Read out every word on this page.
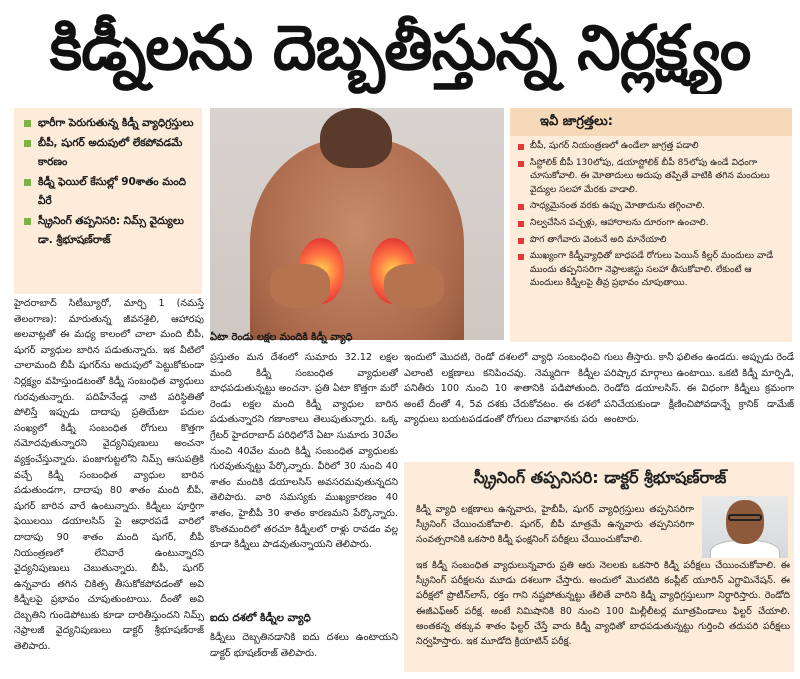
కిడ్నీలను దెబ్బతీస్తున్న నిర్లక్ష్యం
భారీగా పెరుగుతున్న కిడ్నీ వ్యాధిగ్రస్తులు
బీపీ, షుగర్ అదుపులో లేకపోవడమే కారణం
కిడ్నీ ఫెయిల్ కేసుల్లో 90శాతం మంది వీరే
స్క్రీనింగ్ తప్పనిసరి: నిమ్స్ వైద్యులు డా. శ్రీభూషణ్‌రాజ్
ఇవీ జాగ్రత్తలు:
బీపీ, షుగర్ నియంత్రణలో ఉండేలా జాగ్రత్త పడాలి
సిస్టోలిక్ బీపీ 130లోపు, డయాస్టోలిక్ బీపీ 85లోపు ఉండే విధంగా చూసుకోవాలి. ఈ మోతాదులు అదుపు తప్పితే వాటికి తగిన మందులు వైద్యుల సలహా మేరకు వాడాలి.
సాధ్యమైనంత వరకు ఉప్పు మోతాదును తగ్గించాలి.
నిల్వచేసిన పచ్చళ్లు, ఆహారాలను దూరంగా ఉంచాలి.
పొగ తాగేవారు వెంటనే అది మానేయాలి
ముఖ్యంగా కిడ్నీవ్యాధితో బాధపడే రోగులు పెయిన్ కిల్లర్ మందులు వాడే ముందు తప్పనిసరిగా నెఫ్రాలజిస్టు సలహా తీసుకోవాలి. లేకుంటే ఆ మందులు కిడ్నీలపై తీవ్ర ప్రభావం చూపుతాయి.
హైదరాబాద్ సిటీబ్యూరో, మార్చి 1 (నమస్తే తెలంగాణ): మారుతున్న జీవనశైలి, ఆహారపు అలవాట్లతో ఈ మధ్య కాలంలో చాలా మంది బీపీ, షుగర్ వ్యాధుల బారిన పడుతున్నారు. ఇక వీటిలో చాలామంది బీపీ షుగర్‌ను అదుపులో పెట్టుకోకుండా నిర్లక్ష్యం వహిస్తుండటంతో కిడ్నీ సంబంధిత వ్యాధులు గురవుతున్నారు. పదిహేనేండ్ల నాటి పరిస్థితితో పోలిస్తే ఇప్పుడు దాదాపు ప్రతియేటా పదుల సంఖ్యలో కిడ్నీ సంబంధిత రోగులు కొత్తగా నమోదవుతున్నారని వైద్యనిపుణులు అంచనా వ్యక్తంచేస్తున్నారు. పంజాగుట్టలోని నిమ్స్ ఆసుపత్రికి వచ్చే కిడ్నీ సంబంధిత వ్యాధుల బారిన పడుతుండగా, దాదాపు 80 శాతం మంది బీపీ, షుగర్ బారిన వారే ఉంటున్నారు. కిడ్నీలు పూర్తిగా ఫెయిలయి డయాలసిస్ పై ఆధారపడే వారిలో దాదాపు 90 శాతం మంది షుగర్, బీపీ నియంత్రణలో లేనివారే ఉంటున్నారని వైద్యనిపుణులు చెబుతున్నారు. బీపీ, షుగర్ ఉన్నవారు తగిన చికిత్స తీసుకోకపోవడంతో అవి కిడ్నీలపై ప్రభావం చూపుతుంటాయి. దీంతో అవి దెబ్బతిని గుండెపోటుకు కూడా దారితీస్తుందని నిమ్స్ నెఫ్రాలజీ వైద్యనిపుణులు డాక్టర్ శ్రీభూషణ్‌రాజ్ తెలిపారు.
ఏటా రెండు లక్షల మందికి కిడ్నీ వ్యాధి
ప్రస్తుతం మన దేశంలో సుమారు 32.12 లక్షల మంది కిడ్నీ సంబంధిత వ్యాధులతో బాధపడుతున్నట్టు అంచనా. ప్రతి ఏటా కొత్తగా మరో రెండు లక్షల మంది కిడ్నీ వ్యాధుల బారిన పడుతున్నారని గణాంకాలు తెలుపుతున్నారు. ఒక్క గ్రేటర్ హైదరాబాద్ పరిధిలోనే ఏటా సుమారు 30వేల నుంచి 40వేల మంది కిడ్నీ సంబంధిత వ్యాధులకు గురవుతున్నట్టు పేర్కొన్నారు. వీరిలో 30 నుంచి 40 శాతం మందికి డయాలసిస్ అవసరమవుతున్నదని తెలిపారు. వారి సమస్యకు ముఖ్యకారణం 40 శాతం, హైబీపీ 30 శాతం కారణమని పేర్కొన్నారు. కొంతమందిలో తరచూ కిడ్నీలలో రాళ్లు రావడం వల్ల కూడా కిడ్నీలు పాడవుతున్నాయని తెలిపారు.
ఐదు దశలో కిడ్నీల వ్యాధి
కిడ్నీలు దెబ్బతినడానికి ఐదు దశలు ఉంటాయని డాక్టర్ భూషణ్‌రాజ్ తెలిపారు.
ఇందులో మొదటి, రెండో దశలలో వ్యాధి సంబంధించి ఎలాంటి లక్షణాలు కనిపించవు. నెమ్మదిగా కిడ్నీల పనితీరు 100 నుంచి 10 శాతానికి పడిపోతుంది. అంటే దీంతో 4, 5వ దశకు చేరుకోవటం. ఈ దశలో వ్యాధులు బయటపడడంతో రోగులు దవాఖానకు పరు
గులు తీస్తారు. కానీ ఫలితం ఉండదు. అప్పుడు రెండే పరిష్కార మార్గాలు ఉంటాయి. ఒకటి కిడ్నీ మార్పిడి, రెండోది డయాలసిస్. ఈ విధంగా కిడ్నీలు క్రమంగా పనిచేయకుండా క్షీణించిపోవడాన్నే క్రానిక్ డామేజ్ అంటారు.
స్క్రీనింగ్ తప్పనిసరి: డాక్టర్ శ్రీభూషణ్‌రాజ్
కిడ్నీ వ్యాధి లక్షణాలు ఉన్నవారు, హైబీపీ, షుగర్ వ్యాధిగ్రస్తులు తప్పనిసరిగా స్క్రీనింగ్ చేయించుకోవాలి. షుగర్, బీపీ మాత్రమే ఉన్నవారు తప్పనిసరిగా సంవత్సరానికి ఒకసారి కిడ్నీ ఫంక్షనింగ్ పరీక్షలు చేయించుకోవాలి.
ఇక కిడ్నీ సంబంధిత వ్యాధులున్నవారు ప్రతి ఆరు నెలలకు ఒకసారి కిడ్నీ పరీక్షలు చేయించుకోవాలి. ఈ స్క్రీనింగ్ పరీక్షలను మూడు దశలుగా చేస్తారు. అందులో మొదటిది కంప్లీట్ యూరిన్ ఎగ్జామినేషన్. ఈ పరీక్షలో ప్రొటీన్‌లాస్, రక్తం గాని నష్టపోతున్నట్టు తేలితే వారిని కిడ్నీ వ్యాధిగ్రస్తులుగా నిర్ధారిస్తారు. రెండోది ఈజీఎఫ్ఆర్ పరీక్ష. అంటే నిమిషానికి 80 నుంచి 100 మిల్లీలీటర్ల మూత్రపిండాలు ఫిల్టర్ చేయాలి. అంతకన్న తక్కువ శాతం ఫిల్టర్ చేస్తే వారు కిడ్నీ వ్యాధితో బాధపడుతున్నట్టు గుర్తించి తదుపరి పరీక్షలు నిర్వహిస్తారు. ఇక మూడోది క్రియాటిన్ పరీక్ష.
